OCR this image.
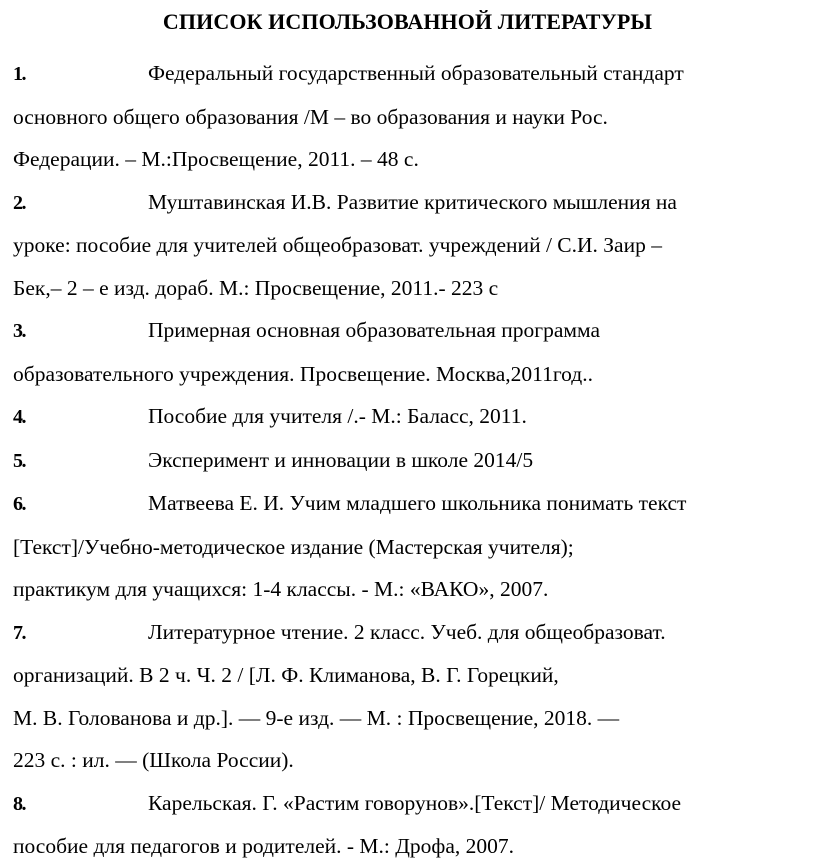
СПИСОК ИСПОЛЬЗОВАННОЙ ЛИТЕРАТУРЫ
1.	Федеральный государственный образовательный стандарт
основного общего образования /М – во образования и науки Рос.
Федерации. – М.:Просвещение, 2011. – 48 с.
2.	Муштавинская И.В. Развитие критического мышления на
уроке: пособие для учителей общеобразоват. учреждений / С.И. Заир –
Бек,– 2 – е изд. дораб. М.: Просвещение, 2011.- 223 с
3.	Примерная основная образовательная программа
образовательного учреждения. Просвещение. Москва,2011год..
4.	Пособие для учителя /.- М.: Баласс, 2011.
5.	Эксперимент и инновации в школе 2014/5
6.	Матвеева Е. И. Учим младшего школьника понимать текст
[Текст]/Учебно-методическое издание (Мастерская учителя);
практикум для учащихся: 1-4 классы. - М.: «ВАКО», 2007.
7.	Литературное чтение. 2 класс. Учеб. для общеобразоват.
организаций. В 2 ч. Ч. 2 / [Л. Ф. Климанова, В. Г. Горецкий,
М. В. Голованова и др.]. — 9-е изд. — М. : Просвещение, 2018. —
223 с. : ил. — (Школа России).
8.	Карельская. Г. «Растим говорунов».[Текст]/ Методическое
пособие для педагогов и родителей. - М.: Дрофа, 2007.
